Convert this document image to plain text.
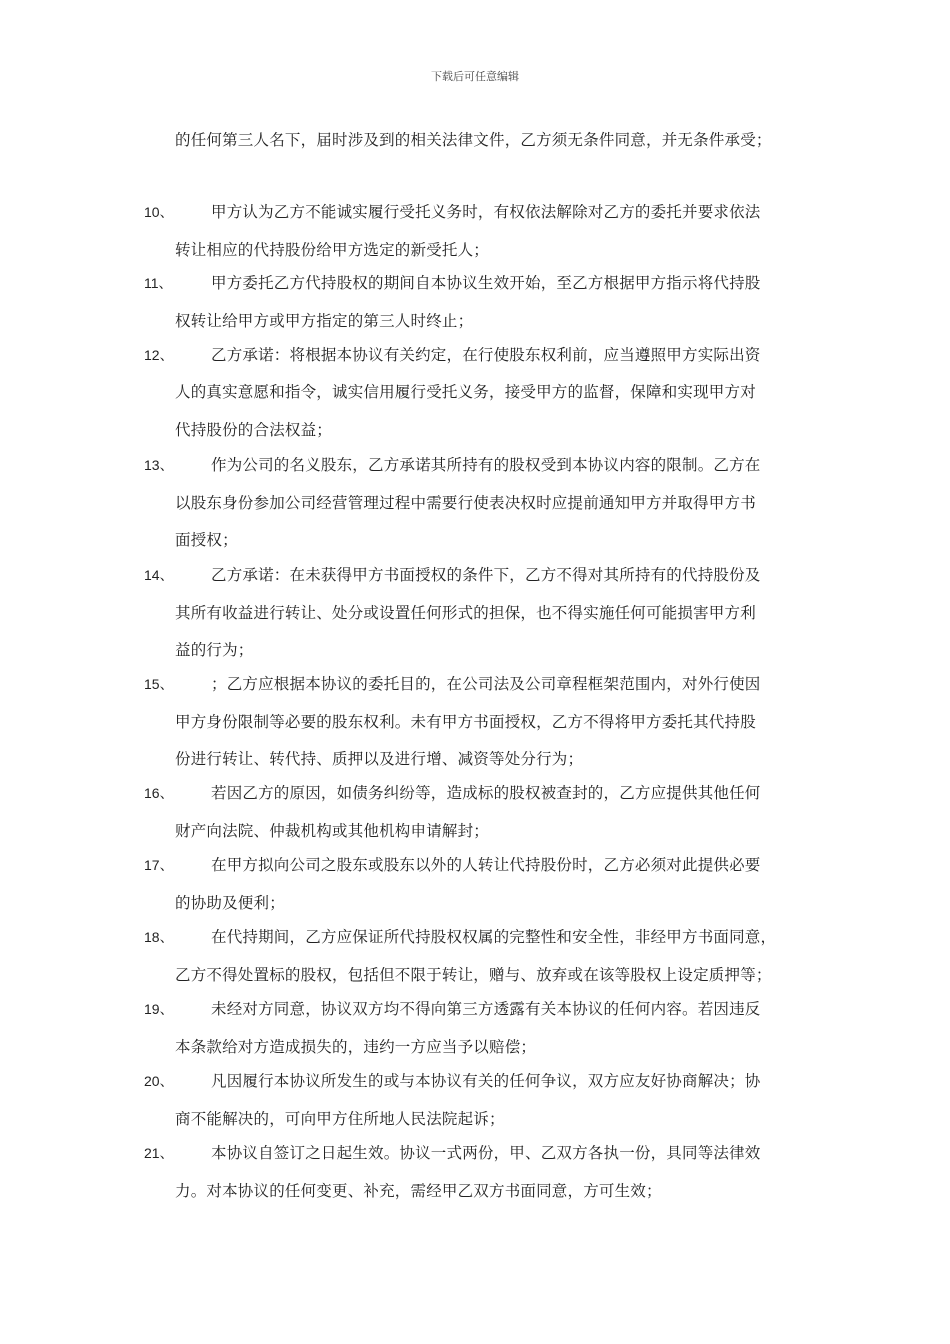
下载后可任意编辑
的任何第三人名下，届时涉及到的相关法律文件，乙方须无条件同意，并无条件承受；
10、 甲方认为乙方不能诚实履行受托义务时，有权依法解除对乙方的委托并要求依法
转让相应的代持股份给甲方选定的新受托人；
11、 甲方委托乙方代持股权的期间自本协议生效开始，至乙方根据甲方指示将代持股
权转让给甲方或甲方指定的第三人时终止；
12、 乙方承诺：将根据本协议有关约定，在行使股东权利前，应当遵照甲方实际出资
人的真实意愿和指令，诚实信用履行受托义务，接受甲方的监督，保障和实现甲方对
代持股份的合法权益；
13、 作为公司的名义股东，乙方承诺其所持有的股权受到本协议内容的限制。乙方在
以股东身份参加公司经营管理过程中需要行使表决权时应提前通知甲方并取得甲方书
面授权；
14、 乙方承诺：在未获得甲方书面授权的条件下，乙方不得对其所持有的代持股份及
其所有收益进行转让、处分或设置任何形式的担保，也不得实施任何可能损害甲方利
益的行为；
15、 ；乙方应根据本协议的委托目的，在公司法及公司章程框架范围内，对外行使因
甲方身份限制等必要的股东权利。未有甲方书面授权，乙方不得将甲方委托其代持股
份进行转让、转代持、质押以及进行增、减资等处分行为；
16、 若因乙方的原因，如债务纠纷等，造成标的股权被查封的，乙方应提供其他任何
财产向法院、仲裁机构或其他机构申请解封；
17、 在甲方拟向公司之股东或股东以外的人转让代持股份时，乙方必须对此提供必要
的协助及便利；
18、 在代持期间，乙方应保证所代持股权权属的完整性和安全性，非经甲方书面同意，
乙方不得处置标的股权，包括但不限于转让，赠与、放弃或在该等股权上设定质押等；
19、 未经对方同意，协议双方均不得向第三方透露有关本协议的任何内容。若因违反
本条款给对方造成损失的，违约一方应当予以赔偿；
20、 凡因履行本协议所发生的或与本协议有关的任何争议，双方应友好协商解决；协
商不能解决的，可向甲方住所地人民法院起诉；
21、 本协议自签订之日起生效。协议一式两份，甲、乙双方各执一份，具同等法律效
力。对本协议的任何变更、补充，需经甲乙双方书面同意，方可生效；
